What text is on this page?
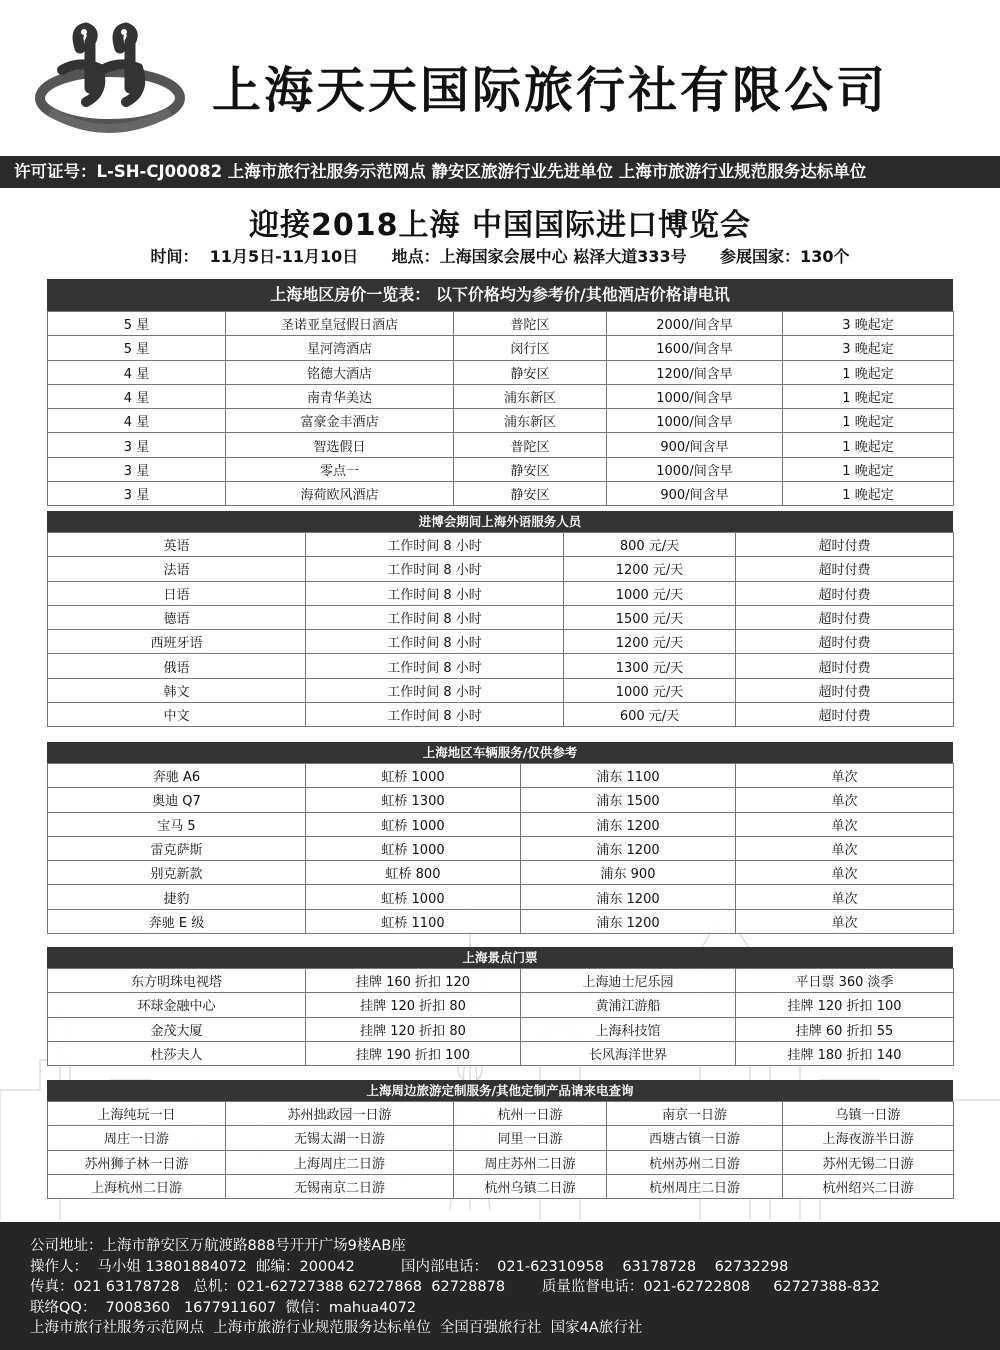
上海天天国际旅行社有限公司
许可证号：L-SH-CJ00082 上海市旅行社服务示范网点 静安区旅游行业先进单位 上海市旅游行业规范服务达标单位
迎接2018上海 中国国际进口博览会
时间：  11月5日-11月10日      地点：上海国家会展中心 崧泽大道333号      参展国家：130个
上海地区房价一览表： 以下价格均为参考价/其他酒店价格请电讯
5 星	圣诺亚皇冠假日酒店	普陀区	2000/间含早	3 晚起定
5 星	星河湾酒店	闵行区	1600/间含早	3 晚起定
4 星	铭德大酒店	静安区	1200/间含早	1 晚起定
4 星	南青华美达	浦东新区	1000/间含早	1 晚起定
4 星	富豪金丰酒店	浦东新区	1000/间含早	1 晚起定
3 星	智选假日	普陀区	900/间含早	1 晚起定
3 星	零点一	静安区	1000/间含早	1 晚起定
3 星	海荷欧风酒店	静安区	900/间含早	1 晚起定
进博会期间上海外语服务人员
英语	工作时间 8 小时	800 元/天	超时付费
法语	工作时间 8 小时	1200 元/天	超时付费
日语	工作时间 8 小时	1000 元/天	超时付费
德语	工作时间 8 小时	1500 元/天	超时付费
西班牙语	工作时间 8 小时	1200 元/天	超时付费
俄语	工作时间 8 小时	1300 元/天	超时付费
韩文	工作时间 8 小时	1000 元/天	超时付费
中文	工作时间 8 小时	600 元/天	超时付费
上海地区车辆服务/仅供参考
奔驰 A6	虹桥 1000	浦东 1100	单次
奥迪 Q7	虹桥 1300	浦东 1500	单次
宝马 5	虹桥 1000	浦东 1200	单次
雷克萨斯	虹桥 1000	浦东 1200	单次
别克新款	虹桥 800	浦东 900	单次
捷豹	虹桥 1000	浦东 1200	单次
奔驰 E 级	虹桥 1100	浦东 1200	单次
上海景点门票
东方明珠电视塔	挂牌 160 折扣 120	上海迪士尼乐园	平日票 360 淡季
环球金融中心	挂牌 120 折扣 80	黄浦江游船	挂牌 120 折扣 100
金茂大厦	挂牌 120 折扣 80	上海科技馆	挂牌 60 折扣 55
杜莎夫人	挂牌 190 折扣 100	长风海洋世界	挂牌 180 折扣 140
上海周边旅游定制服务/其他定制产品请来电查询
上海纯玩一日	苏州拙政园一日游	杭州一日游	南京一日游	乌镇一日游
周庄一日游	无锡太湖一日游	同里一日游	西塘古镇一日游	上海夜游半日游
苏州狮子林一日游	上海周庄二日游	周庄苏州二日游	杭州苏州二日游	苏州无锡二日游
上海杭州二日游	无锡南京二日游	杭州乌镇二日游	杭州周庄二日游	杭州绍兴二日游
公司地址：上海市静安区万航渡路888号开开广场9楼AB座
操作人：  马小姐 13801884072  邮编：200042          国内部电话：  021-62310958    63178728    62732298
传真：021 63178728   总机：021-62727388 62727868  62728878        质量监督电话：021-62722808     62727388-832
联络QQ：  7008360   1677911607  微信：mahua4072
上海市旅行社服务示范网点  上海市旅游行业规范服务达标单位  全国百强旅行社  国家4A旅行社
